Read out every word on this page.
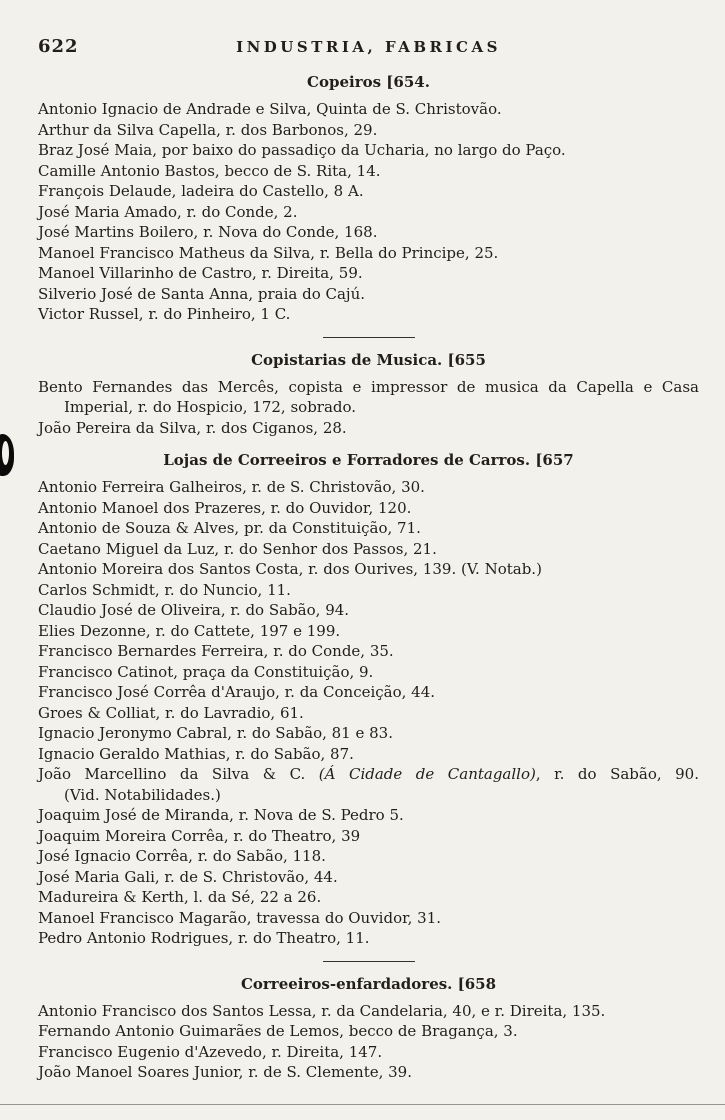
622	INDUSTRIA, FABRICAS
Copeiros [654.
Antonio Ignacio de Andrade e Silva, Quinta de S. Christovão.
Arthur da Silva Capella, r. dos Barbonos, 29.
Braz José Maia, por baixo do passadiço da Ucharia, no largo do Paço.
Camille Antonio Bastos, becco de S. Rita, 14.
François Delaude, ladeira do Castello, 8 A.
José Maria Amado, r. do Conde, 2.
José Martins Boilero, r. Nova do Conde, 168.
Manoel Francisco Matheus da Silva, r. Bella do Principe, 25.
Manoel Villarinho de Castro, r. Direita, 59.
Silverio José de Santa Anna, praia do Cajú.
Victor Russel, r. do Pinheiro, 1 C.
Copistarias de Musica. [655
Bento Fernandes das Mercês, copista e impressor de musica da Capella e Casa Imperial, r. do Hospicio, 172, sobrado.
João Pereira da Silva, r. dos Ciganos, 28.
Lojas de Correeiros e Forradores de Carros. [657
Antonio Ferreira Galheiros, r. de S. Christovão, 30.
Antonio Manoel dos Prazeres, r. do Ouvidor, 120.
Antonio de Souza & Alves, pr. da Constituição, 71.
Caetano Miguel da Luz, r. do Senhor dos Passos, 21.
Antonio Moreira dos Santos Costa, r. dos Ourives, 139. (V. Notab.)
Carlos Schmidt, r. do Nuncio, 11.
Claudio José de Oliveira, r. do Sabão, 94.
Elies Dezonne, r. do Cattete, 197 e 199.
Francisco Bernardes Ferreira, r. do Conde, 35.
Francisco Catinot, praça da Constituição, 9.
Francisco José Corrêa d'Araujo, r. da Conceição, 44.
Groes & Colliat, r. do Lavradio, 61.
Ignacio Jeronymo Cabral, r. do Sabão, 81 e 83.
Ignacio Geraldo Mathias, r. do Sabão, 87.
João Marcellino da Silva & C. (Á Cidade de Cantagallo), r. do Sabão, 90. (Vid. Notabilidades.)
Joaquim José de Miranda, r. Nova de S. Pedro 5.
Joaquim Moreira Corrêa, r. do Theatro, 39
José Ignacio Corrêa, r. do Sabão, 118.
José Maria Gali, r. de S. Christovão, 44.
Madureira & Kerth, l. da Sé, 22 a 26.
Manoel Francisco Magarão, travessa do Ouvidor, 31.
Pedro Antonio Rodrigues, r. do Theatro, 11.
Correeiros-enfardadores. [658
Antonio Francisco dos Santos Lessa, r. da Candelaria, 40, e r. Direita, 135.
Fernando Antonio Guimarães de Lemos, becco de Bragança, 3.
Francisco Eugenio d'Azevedo, r. Direita, 147.
João Manoel Soares Junior, r. de S. Clemente, 39.
